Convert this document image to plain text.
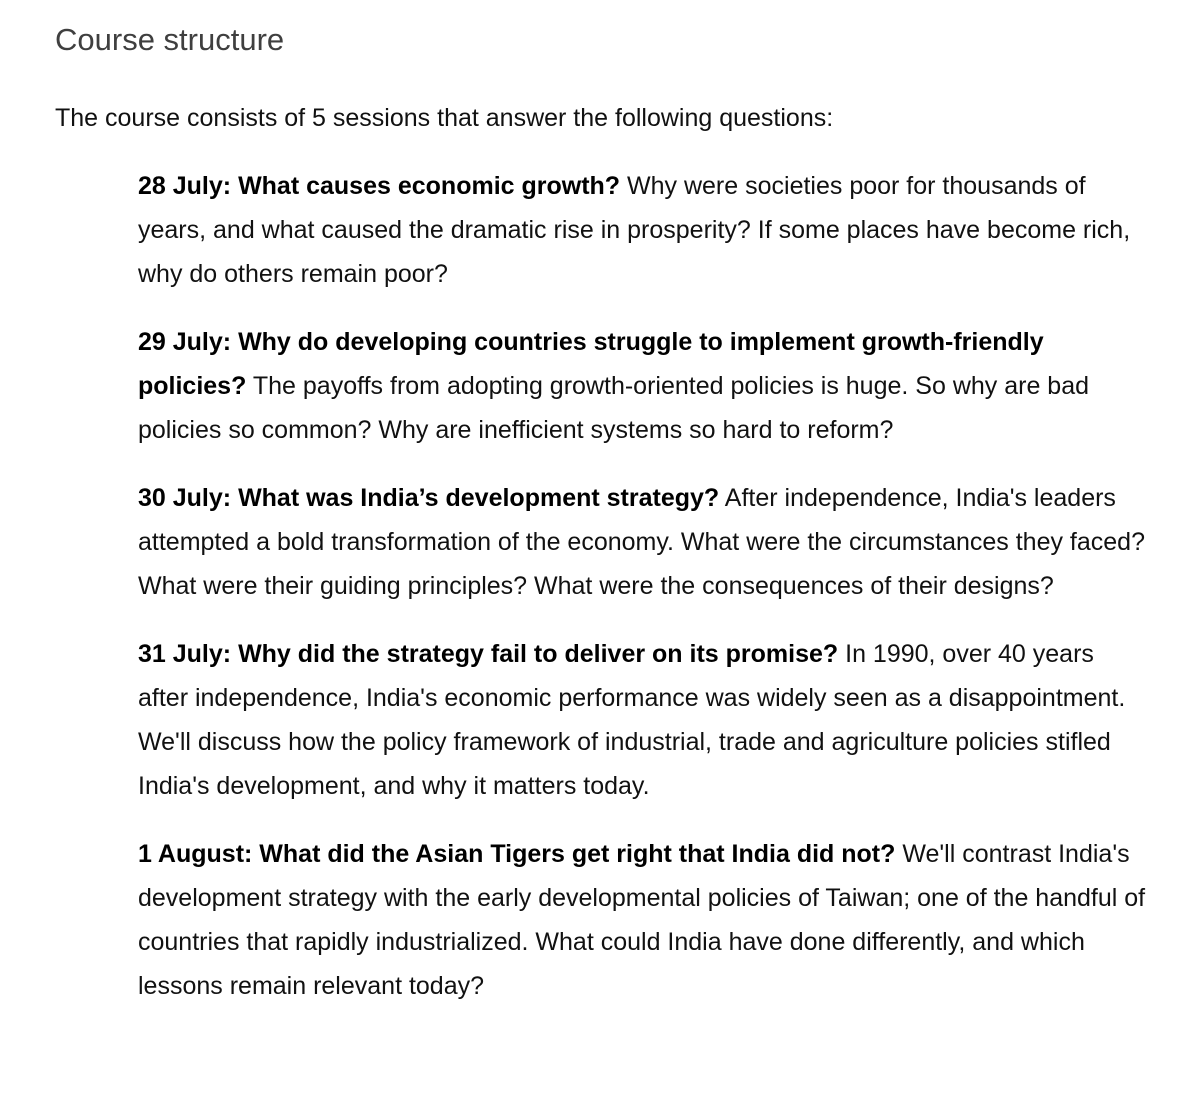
Course structure

The course consists of 5 sessions that answer the following questions:

28 July: What causes economic growth? Why were societies poor for thousands of years, and what caused the dramatic rise in prosperity? If some places have become rich, why do others remain poor?
29 July: Why do developing countries struggle to implement growth-friendly policies? The payoffs from adopting growth-oriented policies is huge. So why are bad policies so common? Why are inefficient systems so hard to reform?
30 July: What was India’s development strategy? After independence, India's leaders attempted a bold transformation of the economy. What were the circumstances they faced? What were their guiding principles? What were the consequences of their designs?
31 July: Why did the strategy fail to deliver on its promise? In 1990, over 40 years after independence, India's economic performance was widely seen as a disappointment. We'll discuss how the policy framework of industrial, trade and agriculture policies stifled India's development, and why it matters today.
1 August: What did the Asian Tigers get right that India did not? We'll contrast India's development strategy with the early developmental policies of Taiwan; one of the handful of countries that rapidly industrialized. What could India have done differently, and which lessons remain relevant today?
